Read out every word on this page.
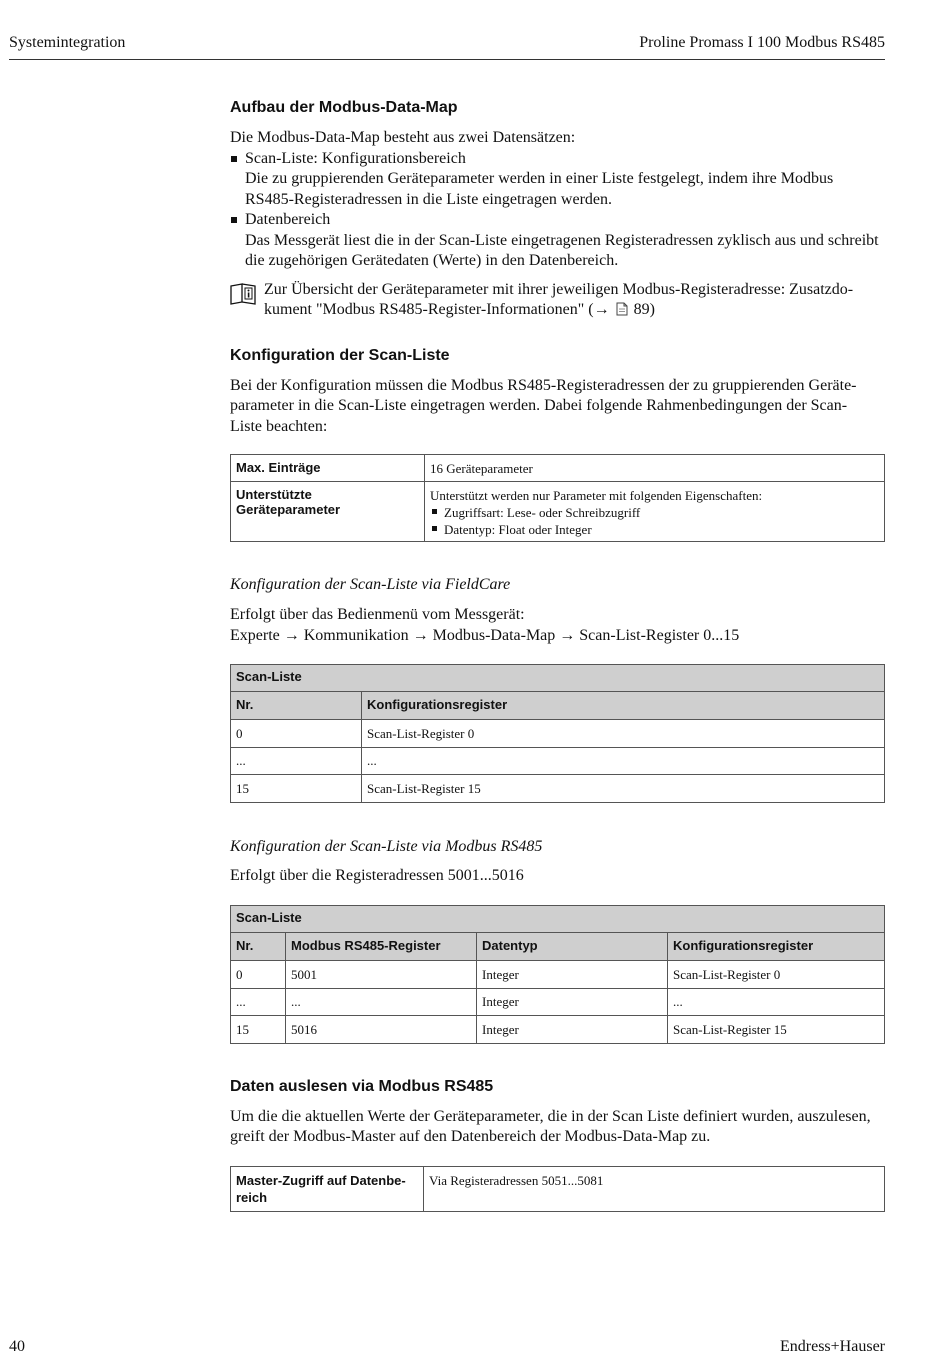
Systemintegration	Proline Promass I 100 Modbus RS485
Aufbau der Modbus-Data-Map

Die Modbus-Data-Map besteht aus zwei Datensätzen:

Scan-Liste: Konfigurationsbereich
Die zu gruppierenden Geräteparameter werden in einer Liste festgelegt, indem ihre Modbus
RS485-Registeradressen in die Liste eingetragen werden.
Datenbereich
Das Messgerät liest die in der Scan-Liste eingetragenen Registeradressen zyklisch aus und schreibt
die zugehörigen Gerätedaten (Werte) in den Datenbereich.
Zur Übersicht der Geräteparameter mit ihrer jeweiligen Modbus-Registeradresse: Zusatzdo-
kument "Modbus RS485-Register-Informationen" (→ 89)
Konfiguration der Scan-Liste

Bei der Konfiguration müssen die Modbus RS485-Registeradressen der zu gruppierenden Geräte-

parameter in die Scan-Liste eingetragen werden. Dabei folgende Rahmenbedingungen der Scan-

Liste beachten:

Max. Einträge	16 Geräteparameter
Unterstützte Geräteparameter	Unterstützt werden nur Parameter mit folgenden Eigenschaften:
Zugriffsart: Lese- oder Schreibzugriff
Datentyp: Float oder Integer

Konfiguration der Scan-Liste via FieldCare

Erfolgt über das Bedienmenü vom Messgerät:

Experte → Kommunikation → Modbus-Data-Map → Scan-List-Register 0...15

Scan-Liste	
Nr.	Konfigurationsregister
0	Scan-List-Register 0
...	...
15	Scan-List-Register 15

Konfiguration der Scan-Liste via Modbus RS485

Erfolgt über die Registeradressen 5001...5016

Scan-Liste			
Nr.	Modbus RS485-Register	Datentyp	Konfigurationsregister
0	5001	Integer	Scan-List-Register 0
...	...	Integer	...
15	5016	Integer	Scan-List-Register 15
Daten auslesen via Modbus RS485

Um die die aktuellen Werte der Geräteparameter, die in der Scan Liste definiert wurden, auszulesen,

greift der Modbus-Master auf den Datenbereich der Modbus-Data-Map zu.

Master-Zugriff auf Datenbe-
reich
	Via Registeradressen 5051...5081
40	Endress+Hauser
